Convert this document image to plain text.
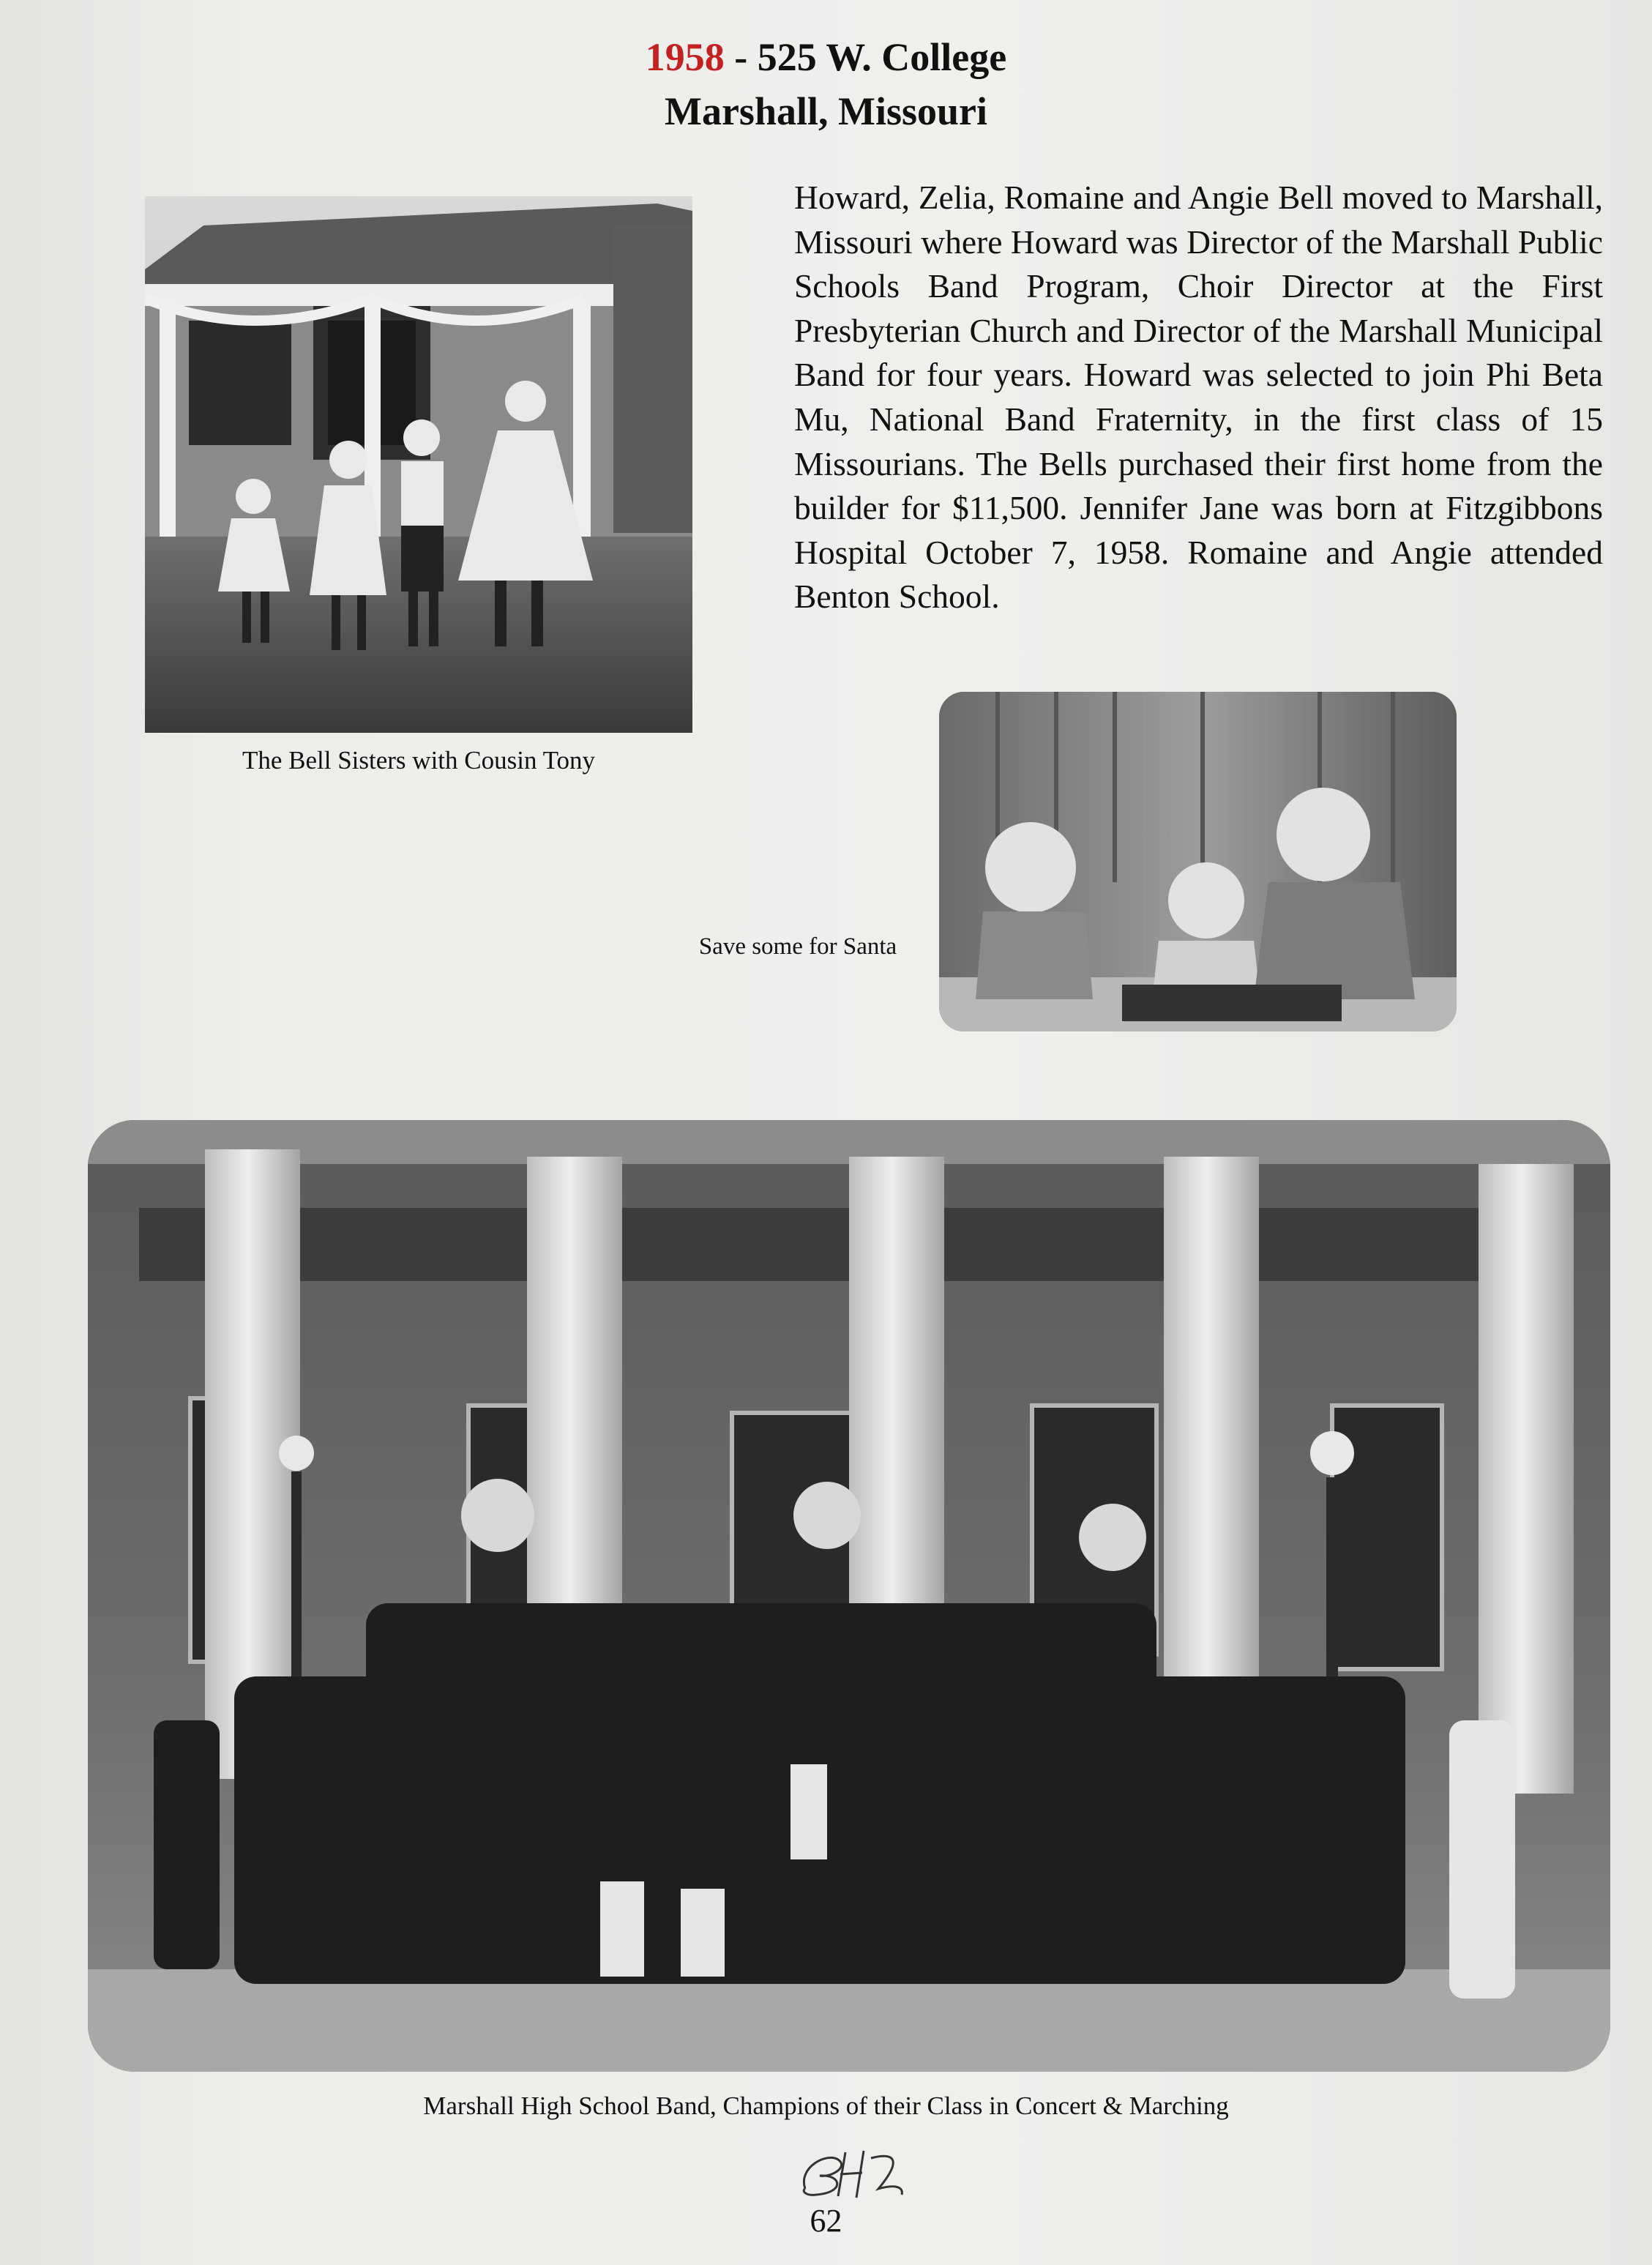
1958 - 525 W. College
Marshall, Missouri
The Bell Sisters with Cousin Tony

Howard, Zelia, Romaine and Angie Bell moved to Marshall, Missouri where Howard was Director of the Marshall Public Schools Band Program, Choir Director at the First Presbyterian Church and Director of the Marshall Municipal Band for four years. Howard was selected to join Phi Beta Mu, National Band Fraternity, in the first class of 15 Missourians. The Bells purchased their first home from the builder for $11,500. Jennifer Jane was born at Fitzgibbons Hospital October 7, 1958. Romaine and Angie attended Benton School.

Save some for Santa
Marshall High School Band, Champions of their Class in Concert & Marching
62
